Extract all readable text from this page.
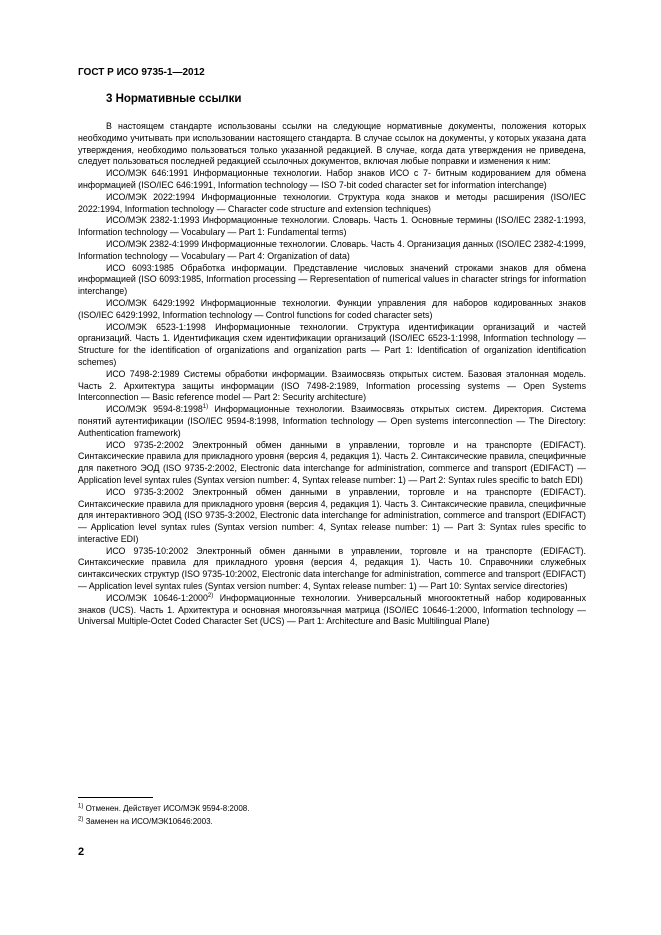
ГОСТ Р ИСО 9735-1—2012
3 Нормативные ссылки

В настоящем стандарте использованы ссылки на следующие нормативные документы, положения которых необходимо учитывать при использовании настоящего стандарта. В случае ссылок на документы, у которых указана дата утверждения, необходимо пользоваться только указанной редакцией. В случае, когда дата утверждения не приведена, следует пользоваться последней редакцией ссылочных документов, включая любые поправки и изменения к ним:

ИСО/МЭК 646:1991 Информационные технологии. Набор знаков ИСО с 7- битным кодированием для обмена информацией (ISO/IEC 646:1991, Information technology — ISO 7-bit coded character set for information interchange)

ИСО/МЭК 2022:1994 Информационные технологии. Структура кода знаков и методы расширения (ISO/IEC 2022:1994, Information technology — Character code structure and extension techniques)

ИСО/МЭК 2382-1:1993 Информационные технологии. Словарь. Часть 1. Основные термины (ISO/IEC 2382-1:1993, Information technology — Vocabulary — Part 1: Fundamental terms)

ИСО/МЭК 2382-4:1999 Информационные технологии. Словарь. Часть 4. Организация данных (ISO/IEC 2382-4:1999, Information technology — Vocabulary — Part 4: Organization of data)

ИСО 6093:1985 Обработка информации. Представление числовых значений строками знаков для обмена информацией (ISO 6093:1985, Information processing — Representation of numerical values in character strings for information interchange)

ИСО/МЭК 6429:1992 Информационные технологии. Функции управления для наборов кодированных знаков (ISO/IEC 6429:1992, Information technology — Control functions for coded character sets)

ИСО/МЭК 6523-1:1998 Информационные технологии. Структура идентификации организаций и частей организаций. Часть 1. Идентификация схем идентификации организаций (ISO/IEC 6523-1:1998, Information technology — Structure for the identification of organizations and organization parts — Part 1: Identification of organization identification schemes)

ИСО 7498-2:1989 Системы обработки информации. Взаимосвязь открытых систем. Базовая эталонная модель. Часть 2. Архитектура защиты информации (ISO 7498-2:1989, Information processing systems — Open Systems Interconnection — Basic reference model — Part 2: Security architecture)

ИСО/МЭК 9594-8:1998$^{1)}$ Информационные технологии. Взаимосвязь открытых систем. Директория. Система понятий аутентификации (ISO/IEC 9594-8:1998, Information technology — Open systems interconnection — The Directory: Authentication framework)

ИСО 9735-2:2002 Электронный обмен данными в управлении, торговле и на транспорте (EDIFACT). Синтаксические правила для прикладного уровня (версия 4, редакция 1). Часть 2. Синтаксические правила, специфичные для пакетного ЭОД (ISO 9735-2:2002, Electronic data interchange for administration, commerce and transport (EDIFACT) — Application level syntax rules (Syntax version number: 4, Syntax release number: 1) — Part 2: Syntax rules specific to batch EDI)

ИСО 9735-3:2002 Электронный обмен данными в управлении, торговле и на транспорте (EDIFACT). Синтаксические правила для прикладного уровня (версия 4, редакция 1). Часть 3. Синтаксические правила, специфичные для интерактивного ЭОД (ISO 9735-3:2002, Electronic data interchange for administration, commerce and transport (EDIFACT) — Application level syntax rules (Syntax version number: 4, Syntax release number: 1) — Part 3: Syntax rules specific to interactive EDI)

ИСО 9735-10:2002 Электронный обмен данными в управлении, торговле и на транспорте (EDIFACT). Синтаксические правила для прикладного уровня (версия 4, редакция 1). Часть 10. Справочники служебных синтаксических структур (ISO 9735-10:2002, Electronic data interchange for administration, commerce and transport (EDIFACT) — Application level syntax rules (Syntax version number: 4, Syntax release number: 1) — Part 10: Syntax service directories)

ИСО/МЭК 10646-1:2000$^{2)}$ Информационные технологии. Универсальный многооктетный набор кодированных знаков (UCS). Часть 1. Архитектура и основная многоязычная матрица (ISO/IEC 10646-1:2000, Information technology — Universal Multiple-Octet Coded Character Set (UCS) — Part 1: Architecture and Basic Multilingual Plane)

$^{1)}$ Отменен. Действует ИСО/МЭК 9594-8:2008.
$^{2)}$ Заменен на ИСО/МЭК10646:2003.
2
